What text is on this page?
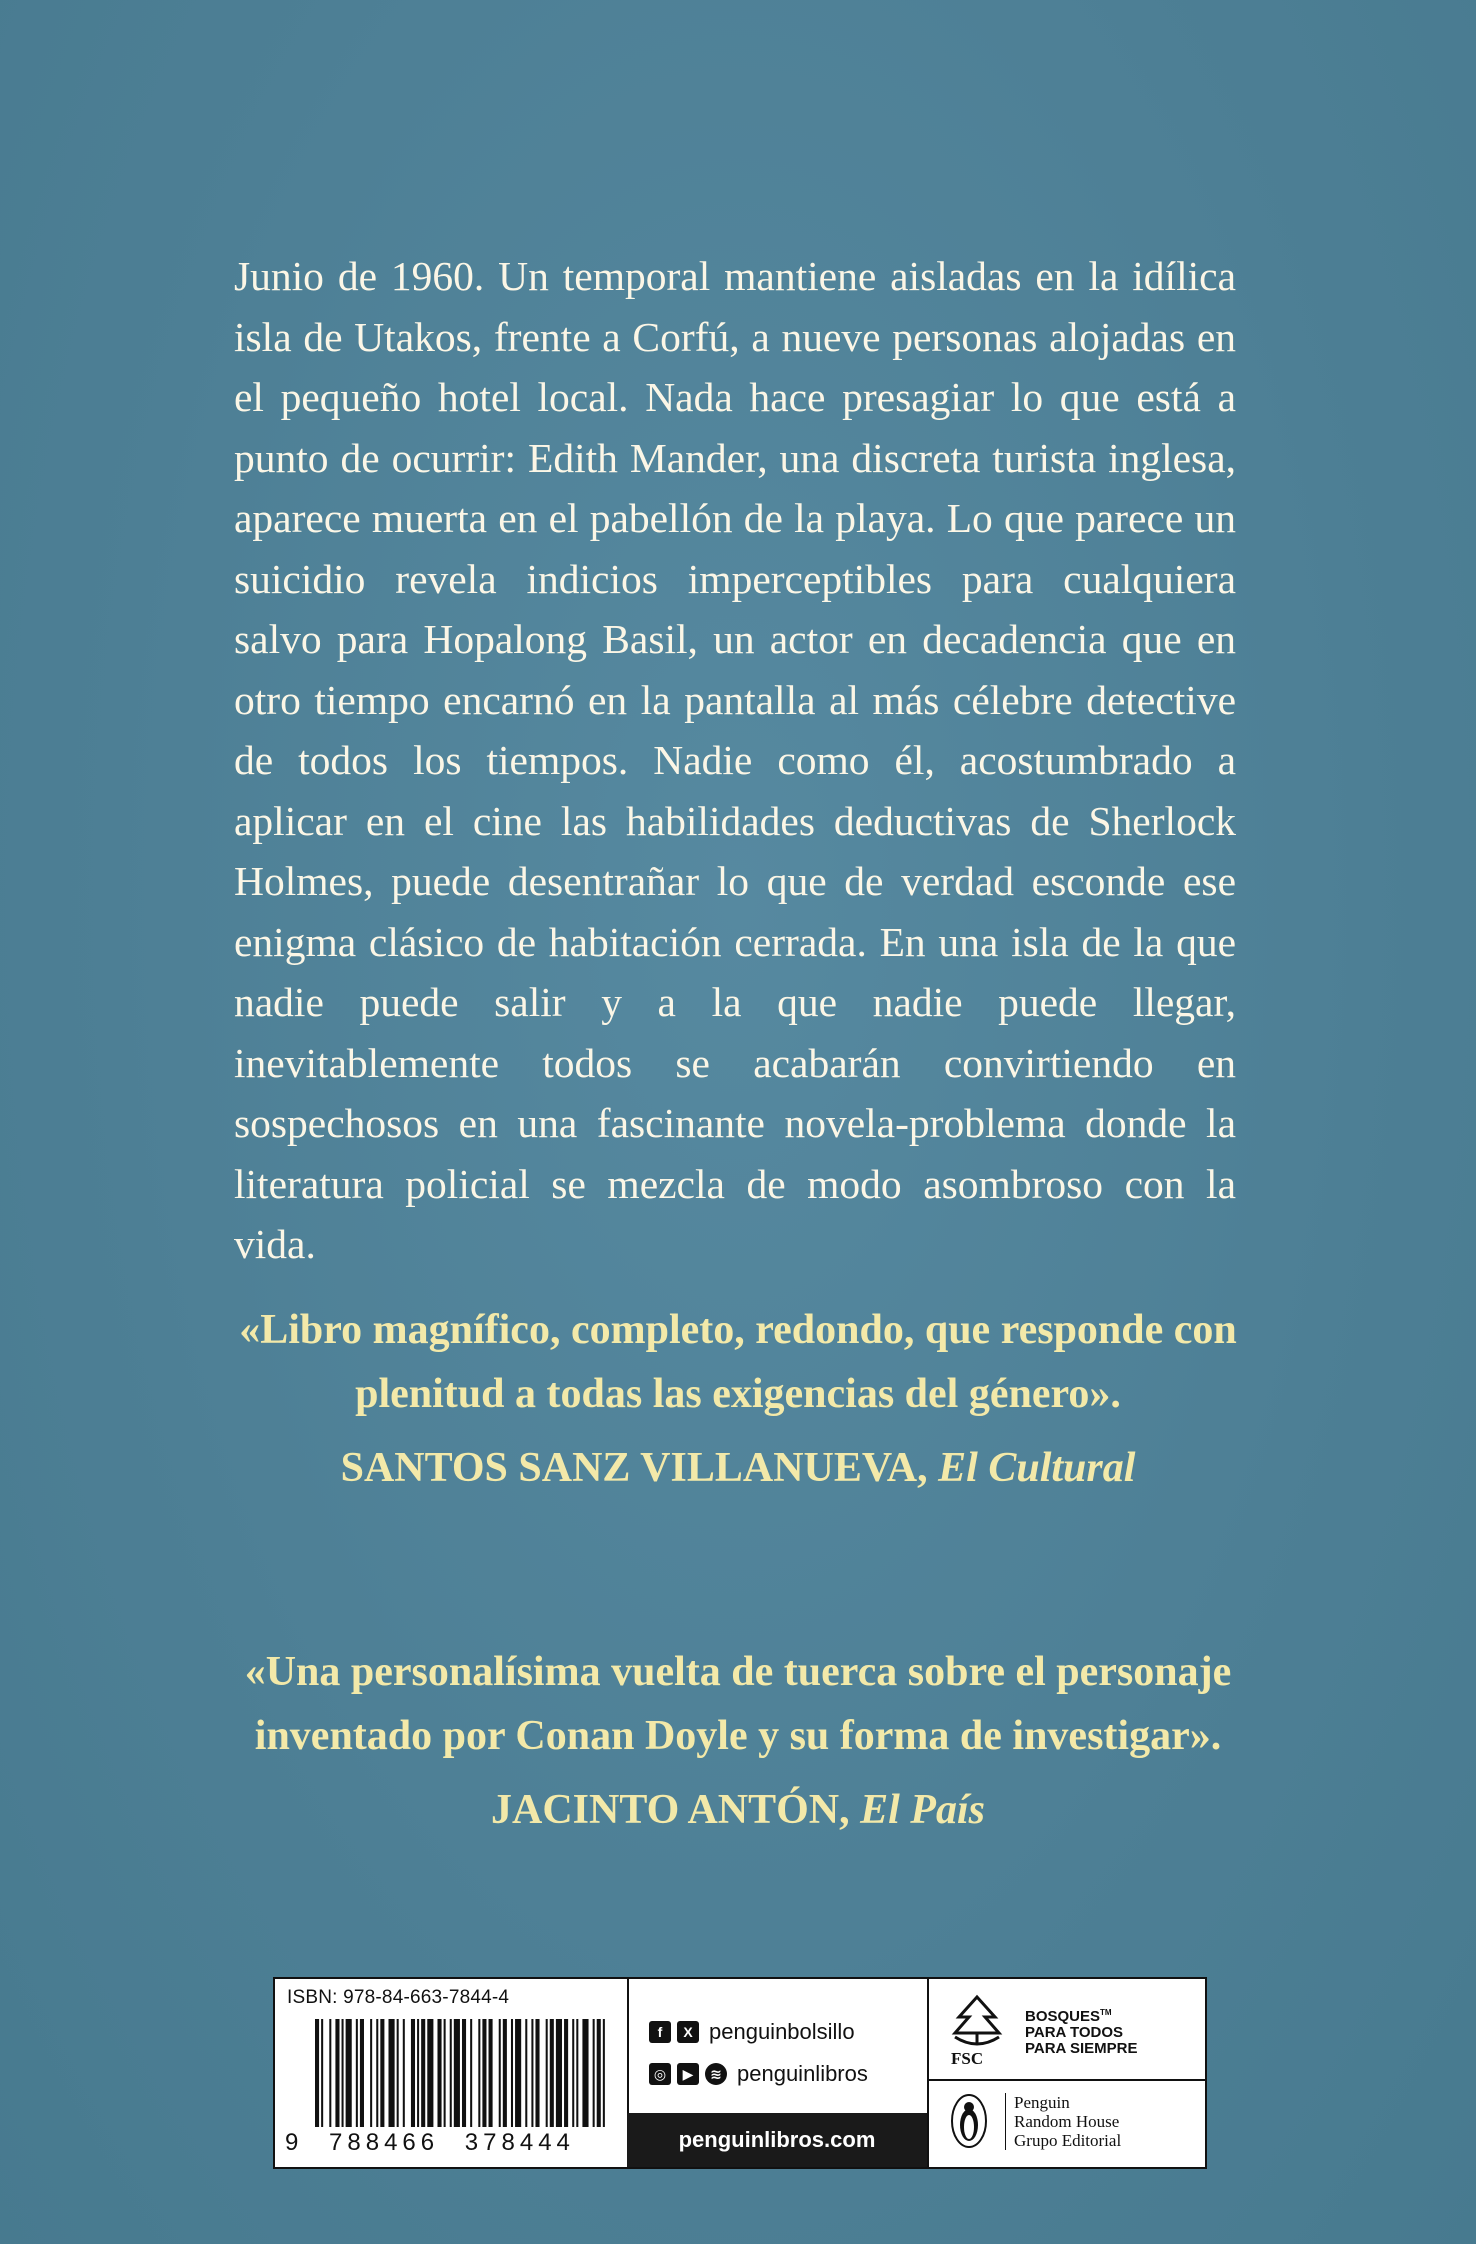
Junio de 1960. Un temporal mantiene aisladas en la idílica isla de Utakos, frente a Corfú, a nueve personas alojadas en el pequeño hotel local. Nada hace presagiar lo que está a punto de ocurrir: Edith Mander, una discreta turista inglesa, aparece muerta en el pabellón de la playa. Lo que parece un suicidio revela indicios imperceptibles para cualquiera salvo para Hopalong Basil, un actor en decadencia que en otro tiempo encarnó en la pantalla al más célebre detective de todos los tiempos. Nadie como él, acostumbrado a aplicar en el cine las habilidades deductivas de Sherlock Holmes, puede desentrañar lo que de verdad esconde ese enigma clásico de habitación cerrada. En una isla de la que nadie puede salir y a la que nadie puede llegar, inevitablemente todos se acabarán convirtiendo en sospechosos en una fascinante novela-problema donde la literatura policial se mezcla de modo asombroso con la vida.

«Libro magnífico, completo, redondo, que responde con plenitud a todas las exigencias del género».
SANTOS SANZ VILLANUEVA, El Cultural
«Una personalísima vuelta de tuerca sobre el personaje inventado por Conan Doyle y su forma de investigar».
JACINTO ANTÓN, El País
ISBN: 978-84-663-7844-4
9 788466 378444
f	X penguinbolsillo
◎	▶	≋ penguinlibros
penguinlibros.com
FSC
BOSQUES™
PARA TODOS
PARA SIEMPRE
Penguin
Random House
Grupo Editorial
